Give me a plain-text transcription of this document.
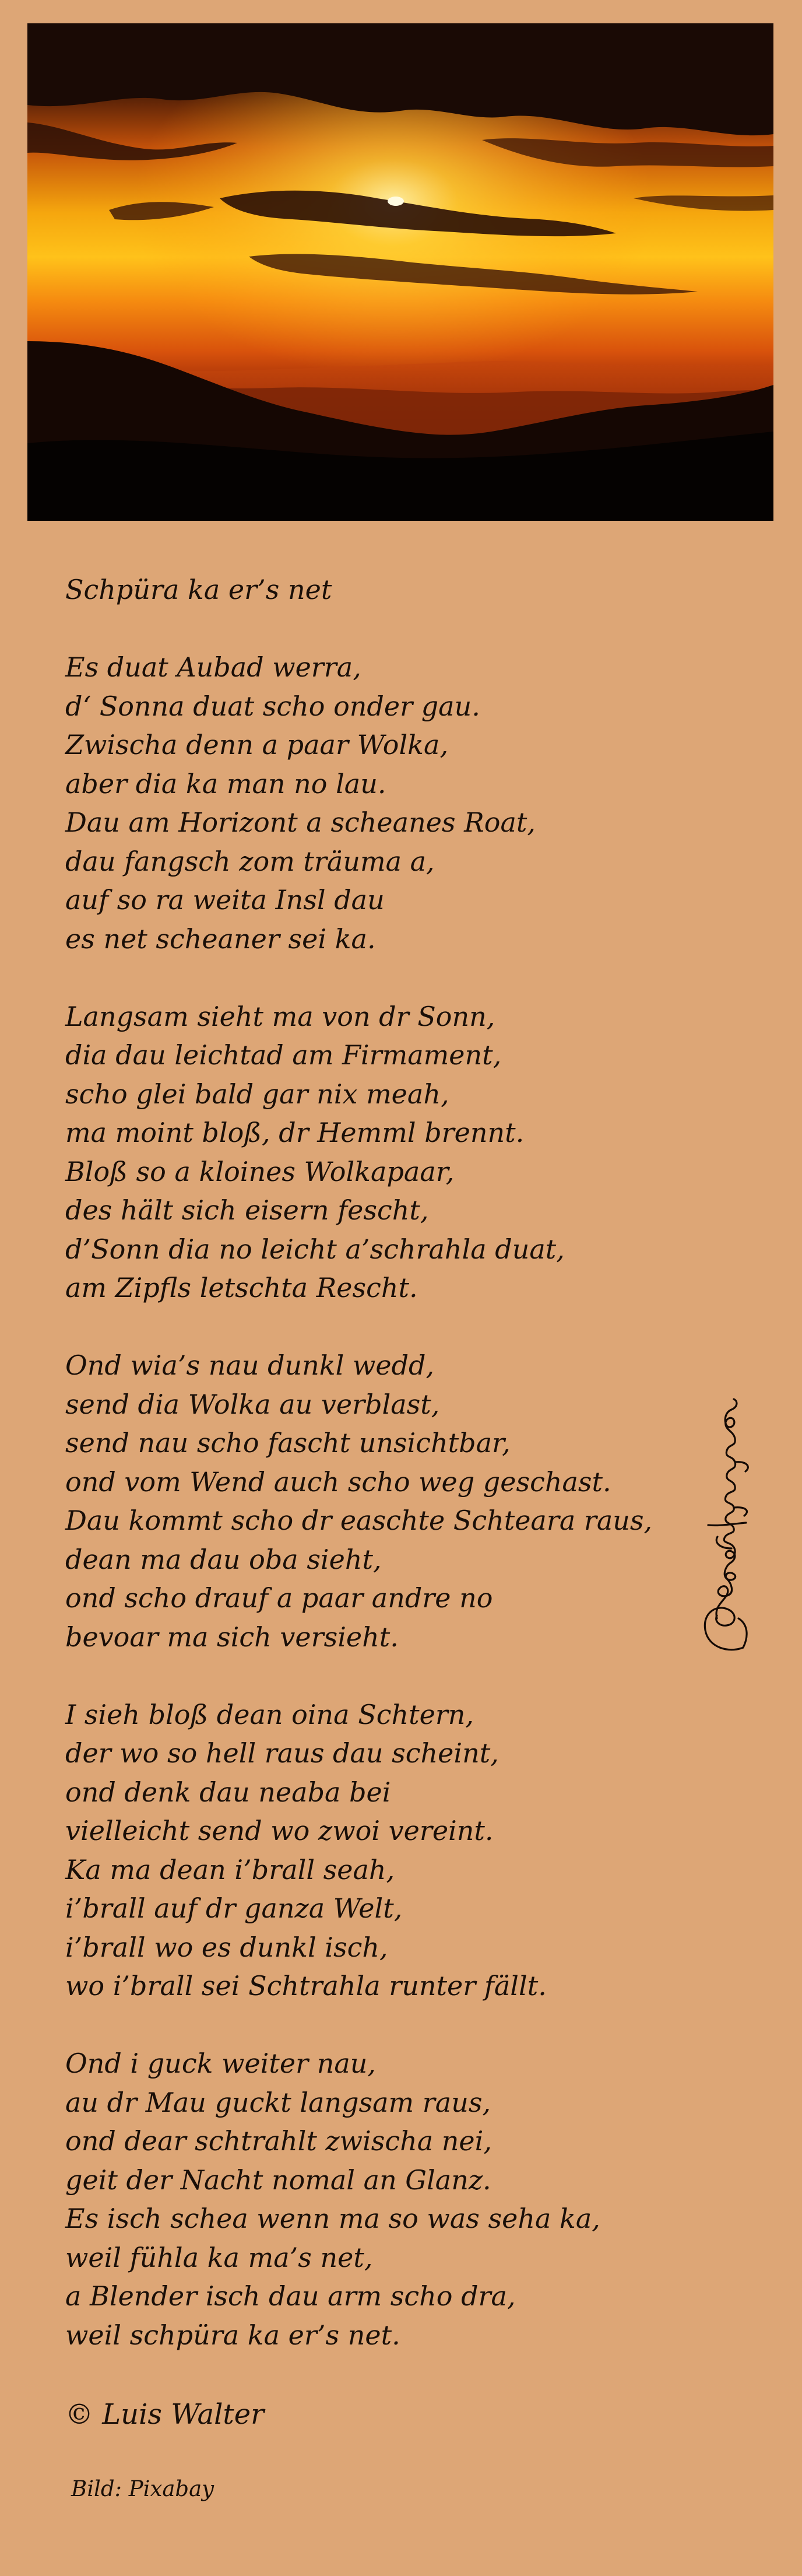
Schpüra ka er’s net
Es duat Aubad werra,
d‘ Sonna duat scho onder gau.
Zwischa denn a paar Wolka,
aber dia ka man no lau.
Dau am Horizont a scheanes Roat,
dau fangsch zom träuma a,
auf so ra weita Insl dau
es net scheaner sei ka.
Langsam sieht ma von dr Sonn,
dia dau leichtad am Firmament,
scho glei bald gar nix meah,
ma moint bloß, dr Hemml brennt.
Bloß so a kloines Wolkapaar,
des hält sich eisern fescht,
d’Sonn dia no leicht a’schrahla duat,
am Zipfls letschta Rescht.
Ond wia’s nau dunkl wedd,
send dia Wolka au verblast,
send nau scho fascht unsichtbar,
ond vom Wend auch scho weg geschast.
Dau kommt scho dr easchte Schteara raus,
dean ma dau oba sieht,
ond scho drauf a paar andre no
bevoar ma sich versieht.
I sieh bloß dean oina Schtern,
der wo so hell raus dau scheint,
ond denk dau neaba bei
vielleicht send wo zwoi vereint.
Ka ma dean i’brall seah,
i’brall auf dr ganza Welt,
i’brall wo es dunkl isch,
wo i’brall sei Schtrahla runter fällt.
Ond i guck weiter nau,
au dr Mau guckt langsam raus,
ond dear schtrahlt zwischa nei,
geit der Nacht nomal an Glanz.
Es isch schea wenn ma so was seha ka,
weil fühla ka ma’s net,
a Blender isch dau arm scho dra,
weil schpüra ka er’s net.
© Luis Walter
Bild: Pixabay
